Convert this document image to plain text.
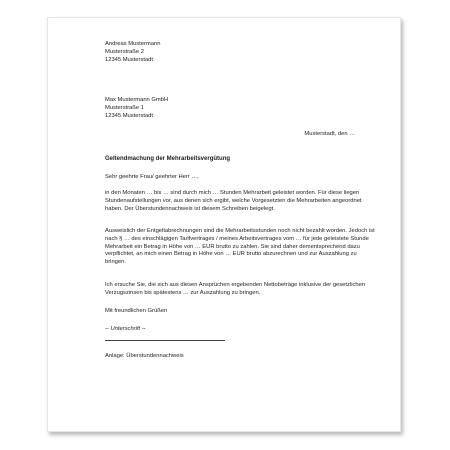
Andreas Mustermann
Musterstraße 2
12345 Musterstadt
Max Mustermann GmbH
Musterstraße 1
12345 Musterstadt
Musterstadt, den …
Geltendmachung der Mehrarbeitsvergütung
Sehr geehrte Frau/ geehrter Herr …,
in den Monaten … bis … sind durch mich … Stunden Mehrarbeit geleistet worden. Für diese liegen Stundenaufstellungen vor, aus denen sich ergibt, welche Vorgesetzten die Mehrarbeiten angeordnet haben. Der Überstundennachweis ist diesem Schreiben beigelegt.
Ausweislich der Entgeltabrechnungen sind die Mehrarbeitsstunden noch nicht bezahlt worden. Jedoch ist nach § … des einschlägigen Tarifvertrages / meines Arbeitsvertrages vom … für jede geleistete Stunde Mehrarbeit ein Betrag in Höhe von … EUR brutto zu zahlen. Sie sind daher dementsprechend dazu verpflichtet, an mich einen Betrag in Höhe von … EUR brutto abzurechnen und zur Auszahlung zu bringen.
Ich ersuche Sie, die sich aus diesen Ansprüchen ergebenden Nettobeträge inklusive der gesetzlichen Verzugszinsen bis spätestens … zur Auszahlung zu bringen.
Mit freundlichen Grüßen
-- Unterschrift --
Anlage: Überstundennachweis
